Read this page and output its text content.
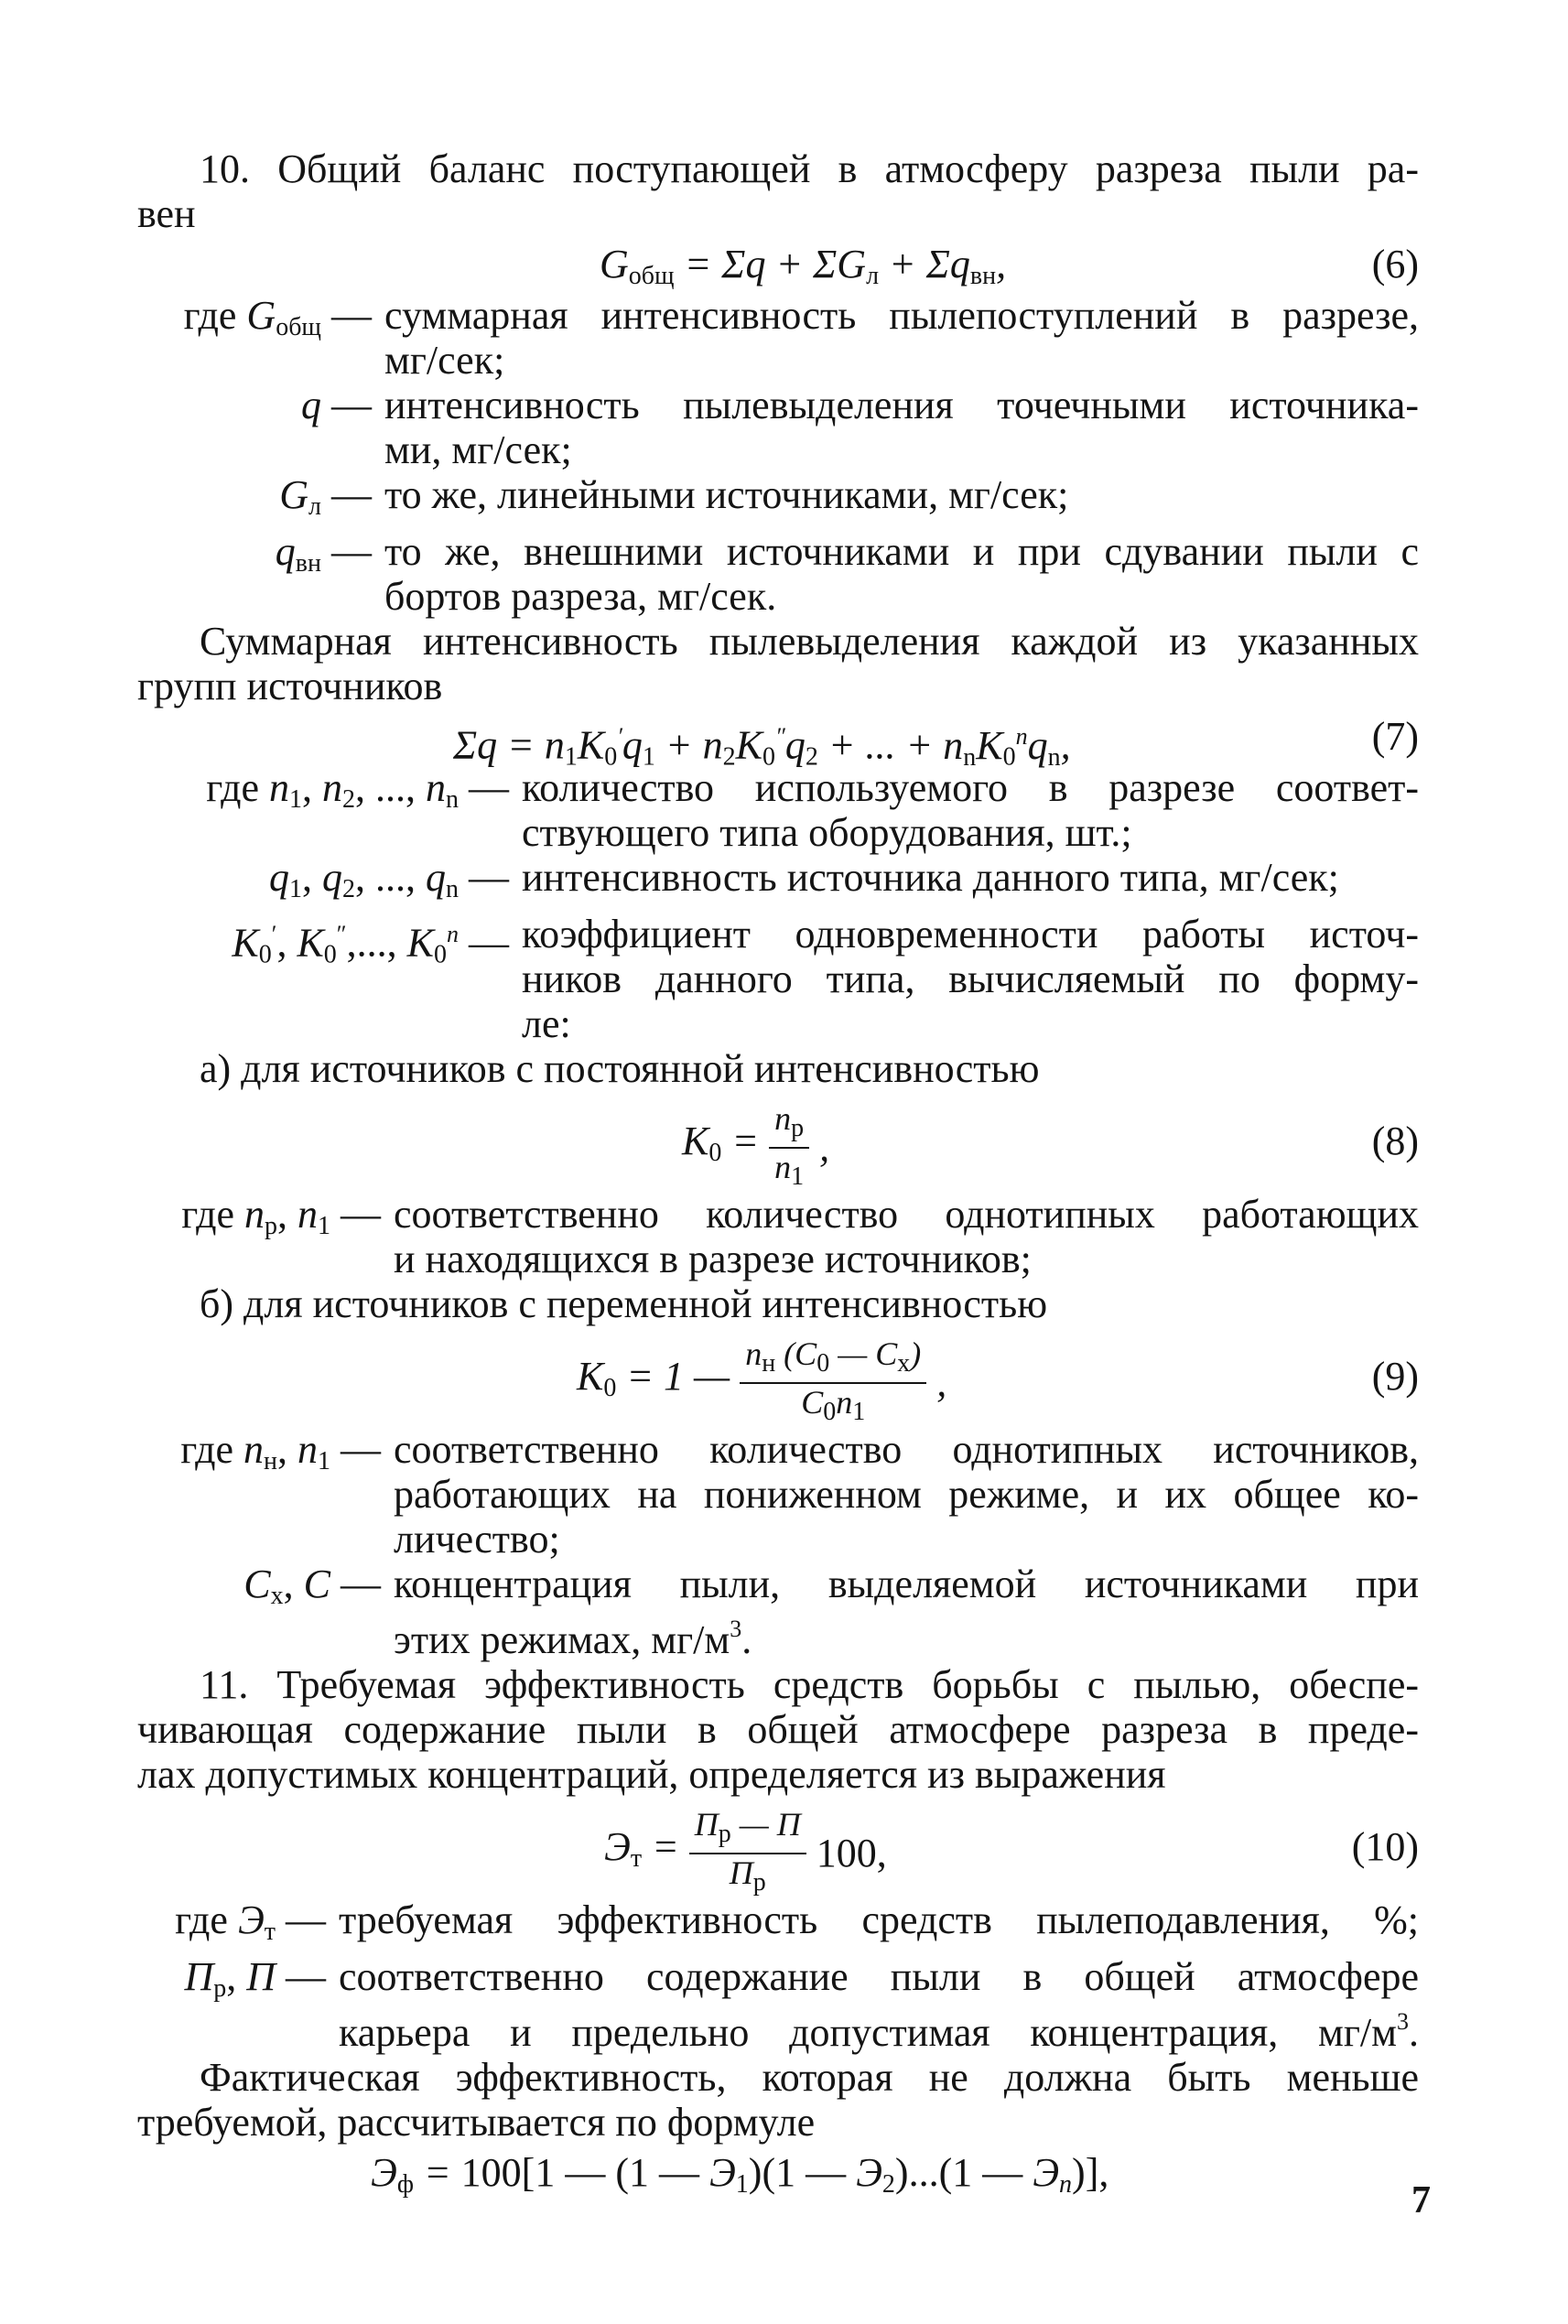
10. Общий баланс поступающей в атмосферу разреза пыли ра-

вен

$G_{общ} = \Sigma q + \Sigma G_л + \Sigma q_{вн}$,	(6)
где $G_{общ}$ — суммарная интенсивность пылепоступлений в разрезе,
мг/сек;
q — интенсивность пылевыделения точечными источника-
ми, мг/сек;
$G_л$ — то же, линейными источниками, мг/сек;
$q_{вн}$ — то же, внешними источниками и при сдувании пыли с
бортов разреза, мг/сек.

Суммарная интенсивность пылевыделения каждой из указанных

групп источников

$\Sigma q = n_1K_0'q_1 + n_2K_0''q_2$ + ... + $n_nK_0^nq_n$,	(7)
где $n_1$, $n_2$, ..., $n_n$ — количество используемого в разрезе соответ-
ствующего типа оборудования, шт.;
$q_1$, $q_2$, ..., $q_n$ — интенсивность источника данного типа, мг/сек;
$K_0'$, $K_0''$,..., $K_0^n$ — коэффициент одновременности работы источ-
ников данного типа, вычисляемый по форму-
ле:

а) для источников с постоянной интенсивностью

$K_0 = \frac{n_р}{n_1}$ ,	(8)
где $n_р$, $n_1$ — соответственно количество однотипных работающих
и находящихся в разрезе источников;

б) для источников с переменной интенсивностью

$K_0 = 1$ — $\frac{n_н (C_0 — C_x)}{C_0n_1}$ ,	(9)
где $n_н$, $n_1$ — соответственно количество однотипных источников,
работающих на пониженном режиме, и их общее ко-
личество;
$C_x$, C — концентрация пыли, выделяемой источниками при
этих режимах, $мг/м^3$.

11. Требуемая эффективность средств борьбы с пылью, обеспе-

чивающая содержание пыли в общей атмосфере разреза в преде-

лах допустимых концентраций, определяется из выражения

$Э_т = \frac{П_р — П}{П_р} 100$,	(10)
где $Э_т$ — требуемая эффективность средств пылеподавления, %;
$П_р$, П — соответственно содержание пыли в общей атмосфере
карьера и предельно допустимая концентрация, $мг/м^3$.

Фактическая эффективность, которая не должна быть меньше

требуемой, рассчитывается по формуле

$Э_ф = 100[1$ — (1 — $Э_1)(1$ — $Э_2)...(1$ — $Э_n$)],
7
